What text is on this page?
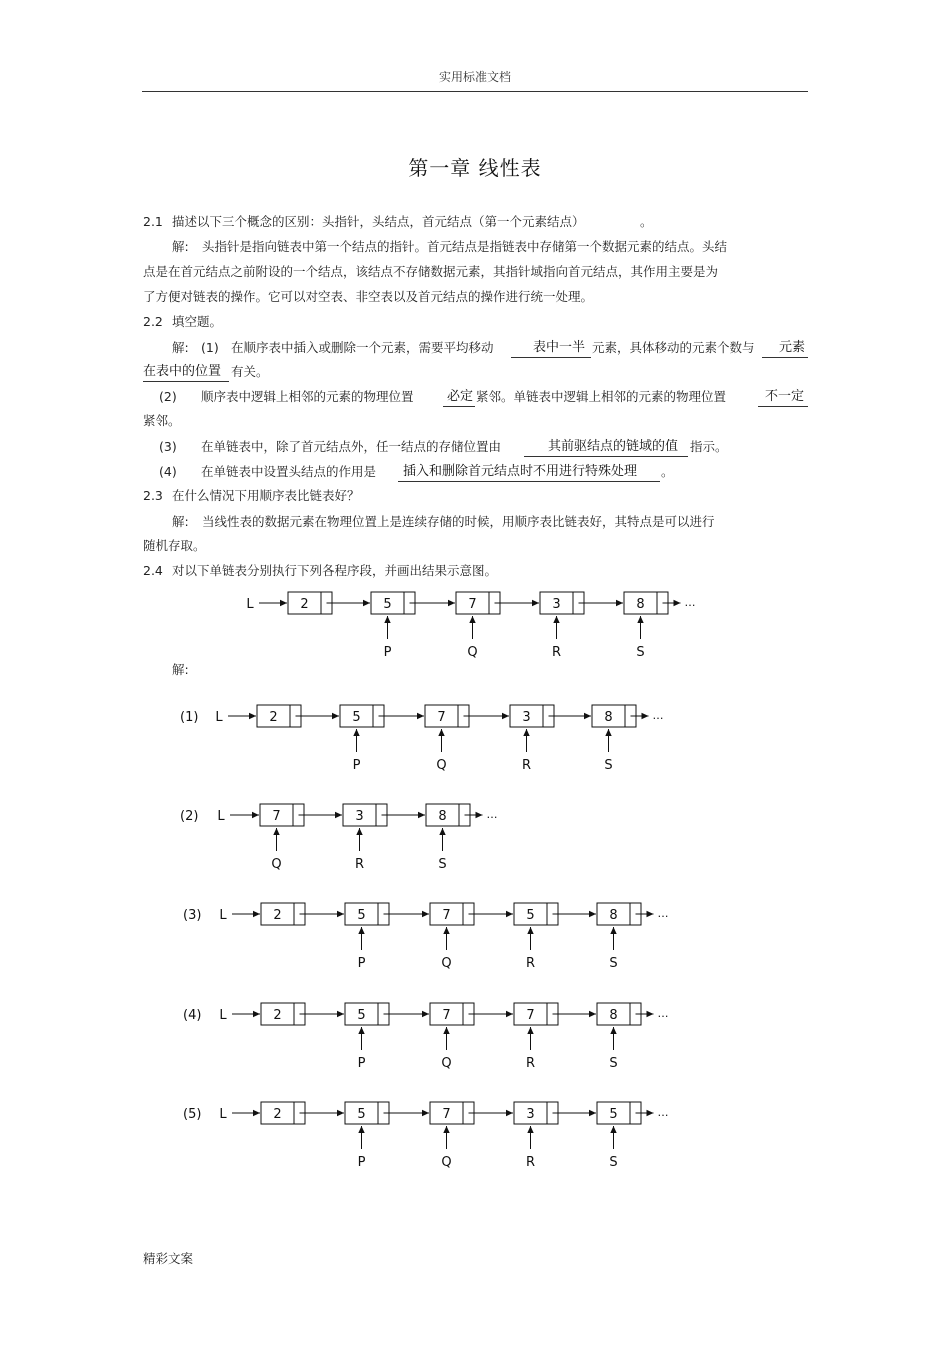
实用标准文档
第一章 线性表
2.1 描述以下三个概念的区别：头指针，头结点，首元结点（第一个元素结点）	。
解: 头指针是指向链表中第一个结点的指针。首元结点是指链表中存储第一个数据元素的结点。头结
点是在首元结点之前附设的一个结点，该结点不存储数据元素，其指针域指向首元结点，其作用主要是为
了方便对链表的操作。它可以对空表、非空表以及首元结点的操作进行统一处理。
2.2 填空题。
解: (1) 在顺序表中插入或删除一个元素，需要平均移动	表中一半 元素，具体移动的元素个数与 元素
在表中的位置 有关。
(2) 顺序表中逻辑上相邻的元素的物理位置	必定 紧邻。单链表中逻辑上相邻的元素的物理位置	不一定
紧邻。
(3) 在单链表中，除了首元结点外，任一结点的存储位置由	其前驱结点的链域的值 指示。
(4) 在单链表中设置头结点的作用是 插入和删除首元结点时不用进行特殊处理 。
2.3 在什么情况下用顺序表比链表好？
解: 当线性表的数据元素在物理位置上是连续存储的时候，用顺序表比链表好，其特点是可以进行
随机存取。
2.4 对以下单链表分别执行下列各程序段，并画出结果示意图。
解:
L	2	5
P
7
Q
3
R
8	…
S
(1) L	2	5
P
7
Q
3
R
8	…
S
(2) L	7
Q
3
R
8	…
S
(3) L	2	5
P
7
Q
5
R
8	…
S
(4) L	2	5
P
7
Q
7
R
8	…
S
(5) L	2	5
P
7
Q
3
R
5	…
S
精彩文案
